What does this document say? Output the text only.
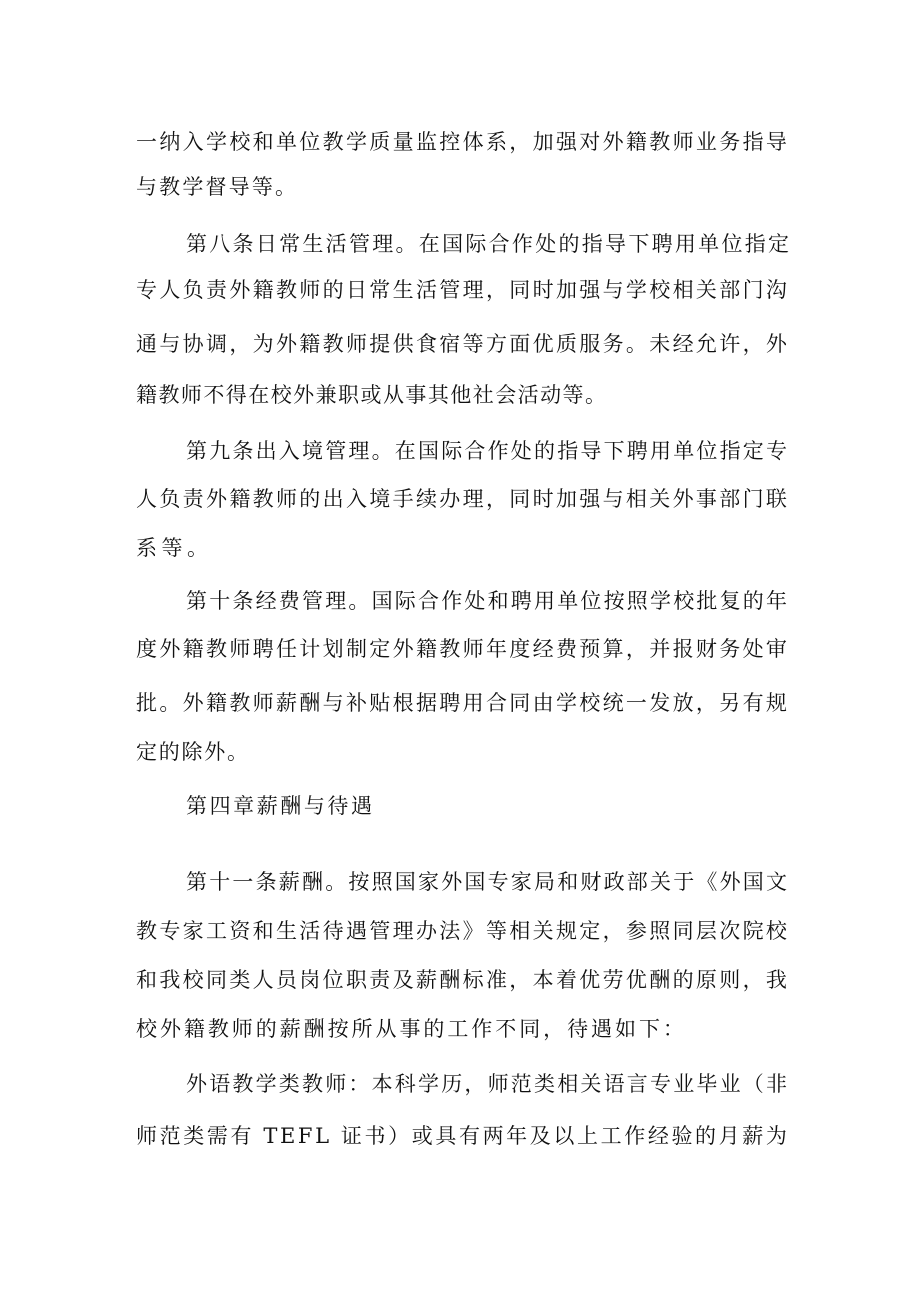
一纳入学校和单位教学质量监控体系，加强对外籍教师业务指导
与教学督导等。
第八条日常生活管理。在国际合作处的指导下聘用单位指定
专人负责外籍教师的日常生活管理，同时加强与学校相关部门沟
通与协调，为外籍教师提供食宿等方面优质服务。未经允许，外
籍教师不得在校外兼职或从事其他社会活动等。
第九条出入境管理。在国际合作处的指导下聘用单位指定专
人负责外籍教师的出入境手续办理，同时加强与相关外事部门联
系等。
第十条经费管理。国际合作处和聘用单位按照学校批复的年
度外籍教师聘任计划制定外籍教师年度经费预算，并报财务处审
批。外籍教师薪酬与补贴根据聘用合同由学校统一发放，另有规
定的除外。
第四章薪酬与待遇
第十一条薪酬。按照国家外国专家局和财政部关于《外国文
教专家工资和生活待遇管理办法》等相关规定，参照同层次院校
和我校同类人员岗位职责及薪酬标准，本着优劳优酬的原则，我
校外籍教师的薪酬按所从事的工作不同，待遇如下：
外语教学类教师：本科学历，师范类相关语言专业毕业（非
师范类需有 TEFL 证书）或具有两年及以上工作经验的月薪为
